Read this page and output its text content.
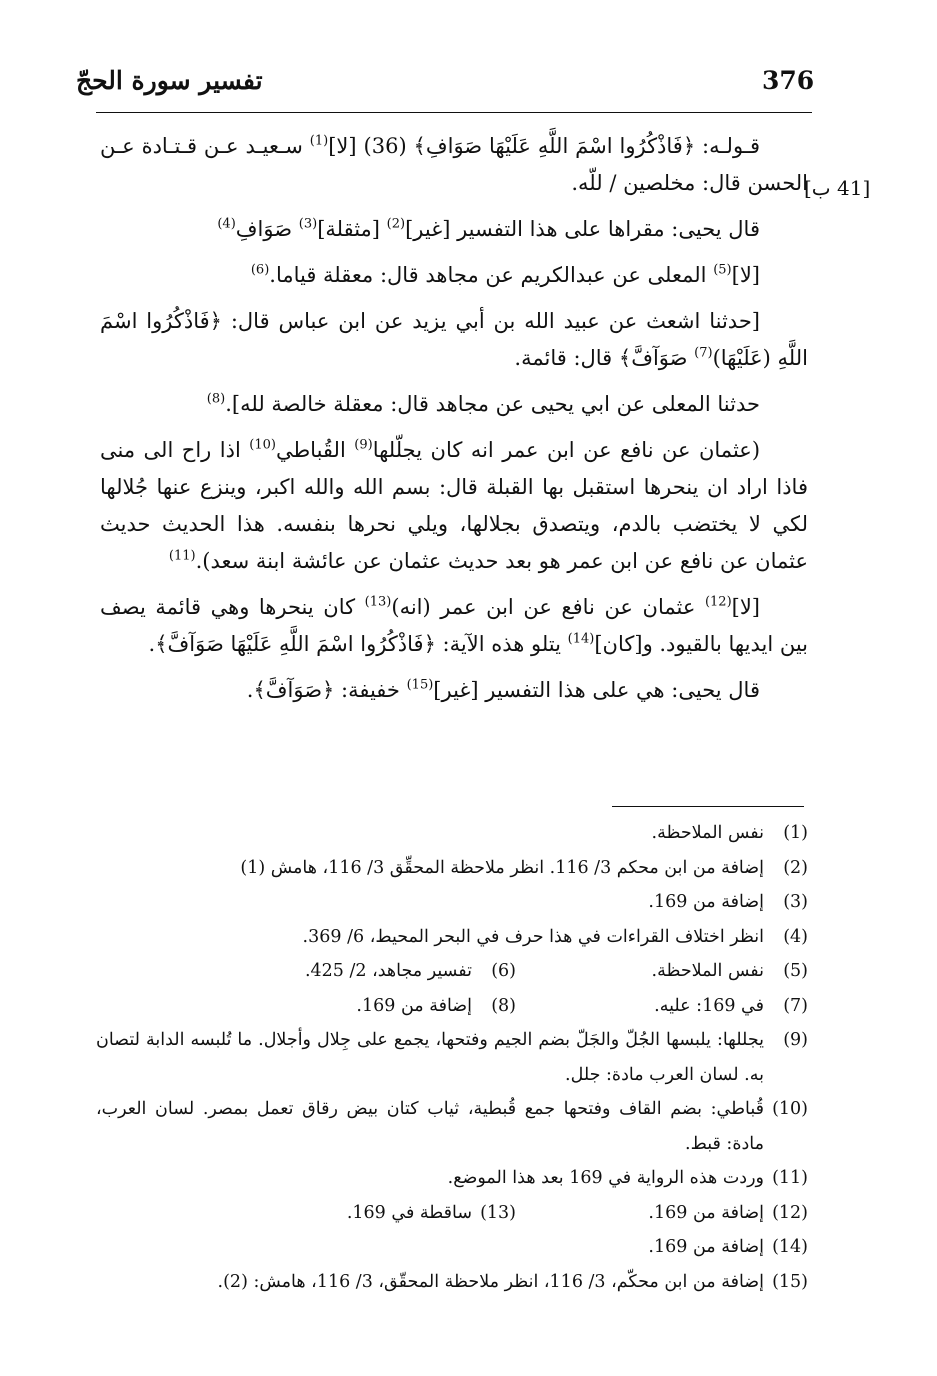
376
تفسير سورة الحجّ
[41 ب]

قـولـه: ﴿فَاذْكُرُوا اسْمَ اللَّهِ عَلَيْهَا صَوَافِ﴾ (36) [لا]$^{(1)}$ سـعيـد عـن قـتـادة عـن الحسن قال: مخلصين / للّه.

قال يحيى: مقراها على هذا التفسير [غير]$^{(2)}$ [مثقلة]$^{(3)}$ صَوَافِ$^{(4)}$

[لا]$^{(5)}$ المعلى عن عبدالكريم عن مجاهد قال: معقلة قياما.$^{(6)}$

[حدثنا اشعث عن عبيد الله بن أبي يزيد عن ابن عباس قال: ﴿فَاذْكُرُوا اسْمَ اللَّهِ (عَلَيْهَا)$^{(7)}$ صَوَآفَّ﴾ قال: قائمة.

حدثنا المعلى عن ابي يحيى عن مجاهد قال: معقلة خالصة لله].$^{(8)}$

(عثمان عن نافع عن ابن عمر انه كان يجلّلها$^{(9)}$ القُباطي$^{(10)}$ اذا راح الى منى فاذا اراد ان ينحرها استقبل بها القبلة قال: بسم الله والله اكبر، وينزع عنها جُلالها لكي لا يختضب بالدم، ويتصدق بجلالها، ويلي نحرها بنفسه. هذا الحديث حديث عثمان عن نافع عن ابن عمر هو بعد حديث عثمان عن عائشة ابنة سعد).$^{(11)}$

[لا]$^{(12)}$ عثمان عن نافع عن ابن عمر (انه)$^{(13)}$ كان ينحرها وهي قائمة يصف بين ايديها بالقيود. و[كان]$^{(14)}$ يتلو هذه الآية: ﴿فَاذْكُرُوا اسْمَ اللَّهِ عَلَيْهَا صَوَآفَّ﴾.

قال يحيى: هي على هذا التفسير [غير]$^{(15)}$ خفيفة: ﴿صَوَآفَّ﴾.

(1)
نفس الملاحظة.
(2)
إضافة من ابن محكم 3/ 116. انظر ملاحظة المحقِّق 3/ 116، هامش (1)
(3)
إضافة من 169.
(4)
انظر اختلاف القراءات في هذا حرف في البحر المحيط، 6/ 369.
(5)
نفس الملاحظة.
(6)
تفسير مجاهد، 2/ 425.
(7)
في 169: عليه.
(8)
إضافة من 169.
(9)
يجللها: يلبسها الجُلّ والجَلّ بضم الجيم وفتحها، يجمع على جِلال وأجلال. ما تُلبسه الدابة لتصان به. لسان العرب مادة: جلل.
(10)
قُباطي: بضم القاف وفتحها جمع قُبطية، ثياب كتان بيض رقاق تعمل بمصر. لسان العرب، مادة: قبط.
(11)
وردت هذه الرواية في 169 بعد هذا الموضع.
(12)
إضافة من 169.
(13)
ساقطة في 169.
(14)
إضافة من 169.
(15)
إضافة من ابن محكّم، 3/ 116، انظر ملاحظة المحقّق، 3/ 116، هامش: (2).
